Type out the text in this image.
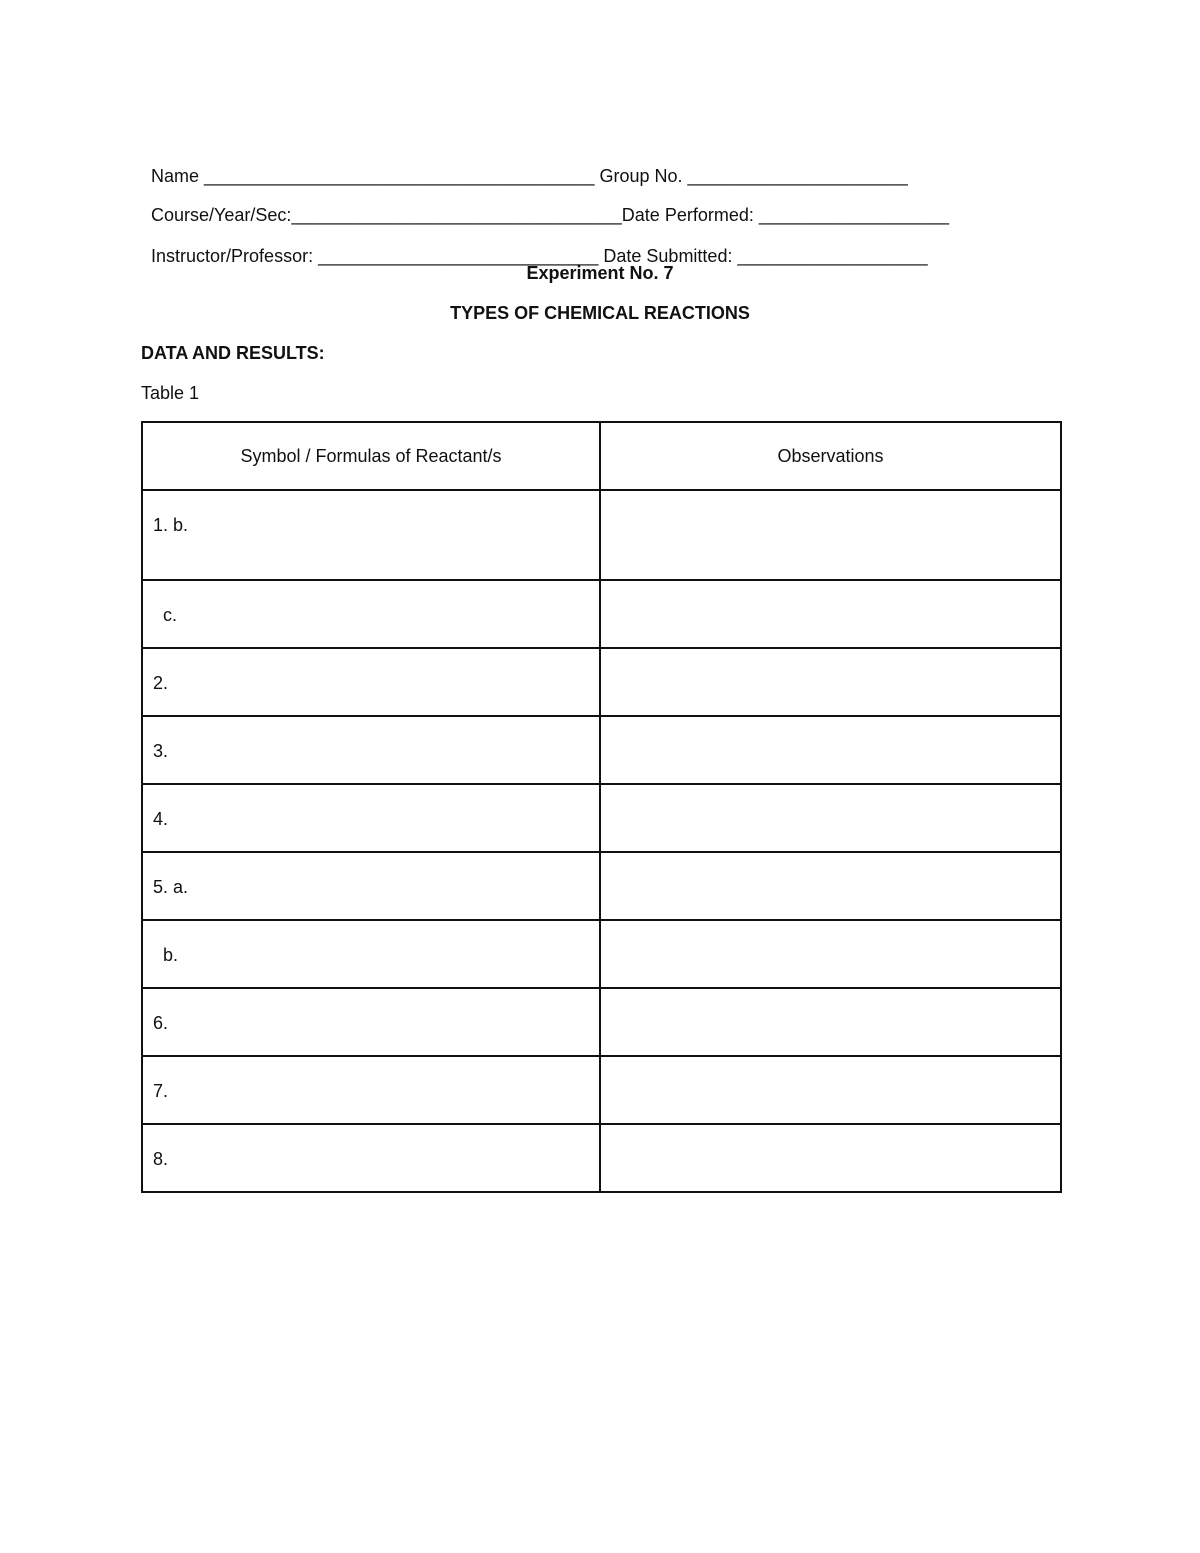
Name _______________________________________ Group No. ______________________

Course/Year/Sec:_________________________________Date Performed: ___________________

Instructor/Professor: ____________________________ Date Submitted: ___________________

Experiment No. 7
TYPES OF CHEMICAL REACTIONS
DATA AND RESULTS:
Table 1
Symbol / Formulas of Reactant/s	Observations
1. b.	
c.	
2.	
3.	
4.	
5. a.	
b.	
6.	
7.	
8.	
